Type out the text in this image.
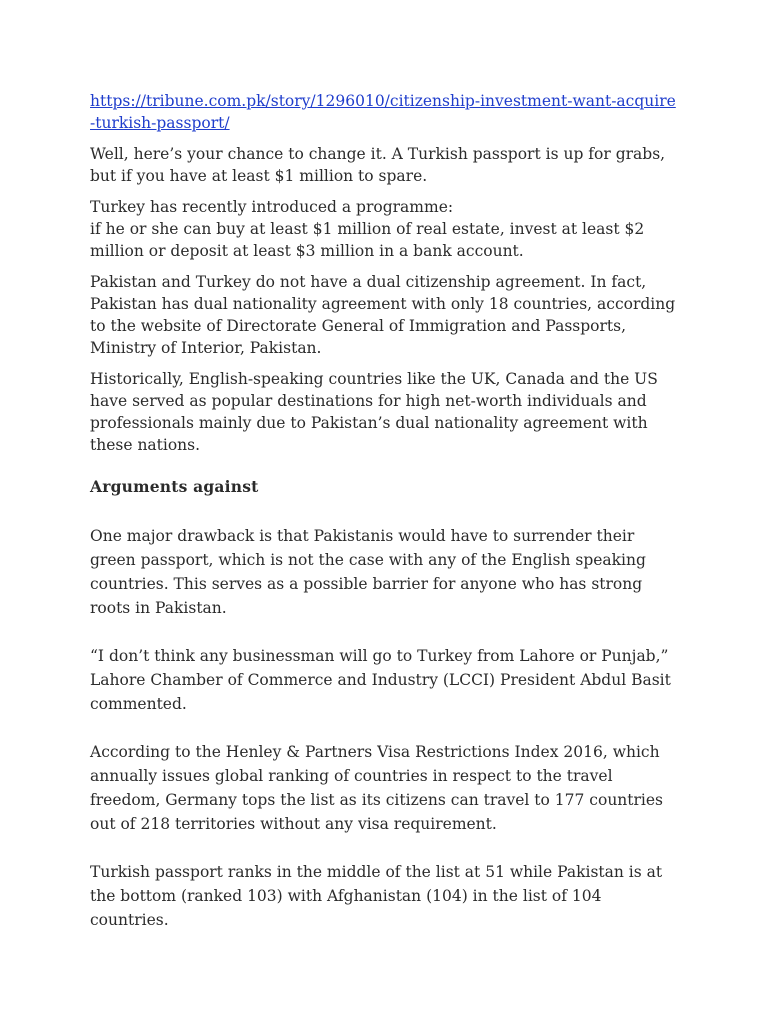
https://tribune.com.pk/story/1296010/citizenship-investment-want-acquire-turkish-passport/

Well, here’s your chance to change it. A Turkish passport is up for grabs, but if you have at least $1 million to spare.

Turkey has recently introduced a programme:
if he or she can buy at least $1 million of real estate, invest at least $2 million or deposit at least $3 million in a bank account.

Pakistan and Turkey do not have a dual citizenship agreement. In fact, Pakistan has dual nationality agreement with only 18 countries, according to the website of Directorate General of Immigration and Passports, Ministry of Interior, Pakistan.

Historically, English-speaking countries like the UK, Canada and the US have served as popular destinations for high net-worth individuals and professionals mainly due to Pakistan’s dual nationality agreement with these nations.

Arguments against

One major drawback is that Pakistanis would have to surrender their green passport, which is not the case with any of the English speaking countries. This serves as a possible barrier for anyone who has strong roots in Pakistan.

“I don’t think any businessman will go to Turkey from Lahore or Punjab,” Lahore Chamber of Commerce and Industry (LCCI) President Abdul Basit commented.

According to the Henley & Partners Visa Restrictions Index 2016, which annually issues global ranking of countries in respect to the travel freedom, Germany tops the list as its citizens can travel to 177 countries out of 218 territories without any visa requirement.

Turkish passport ranks in the middle of the list at 51 while Pakistan is at the bottom (ranked 103) with Afghanistan (104) in the list of 104 countries.
